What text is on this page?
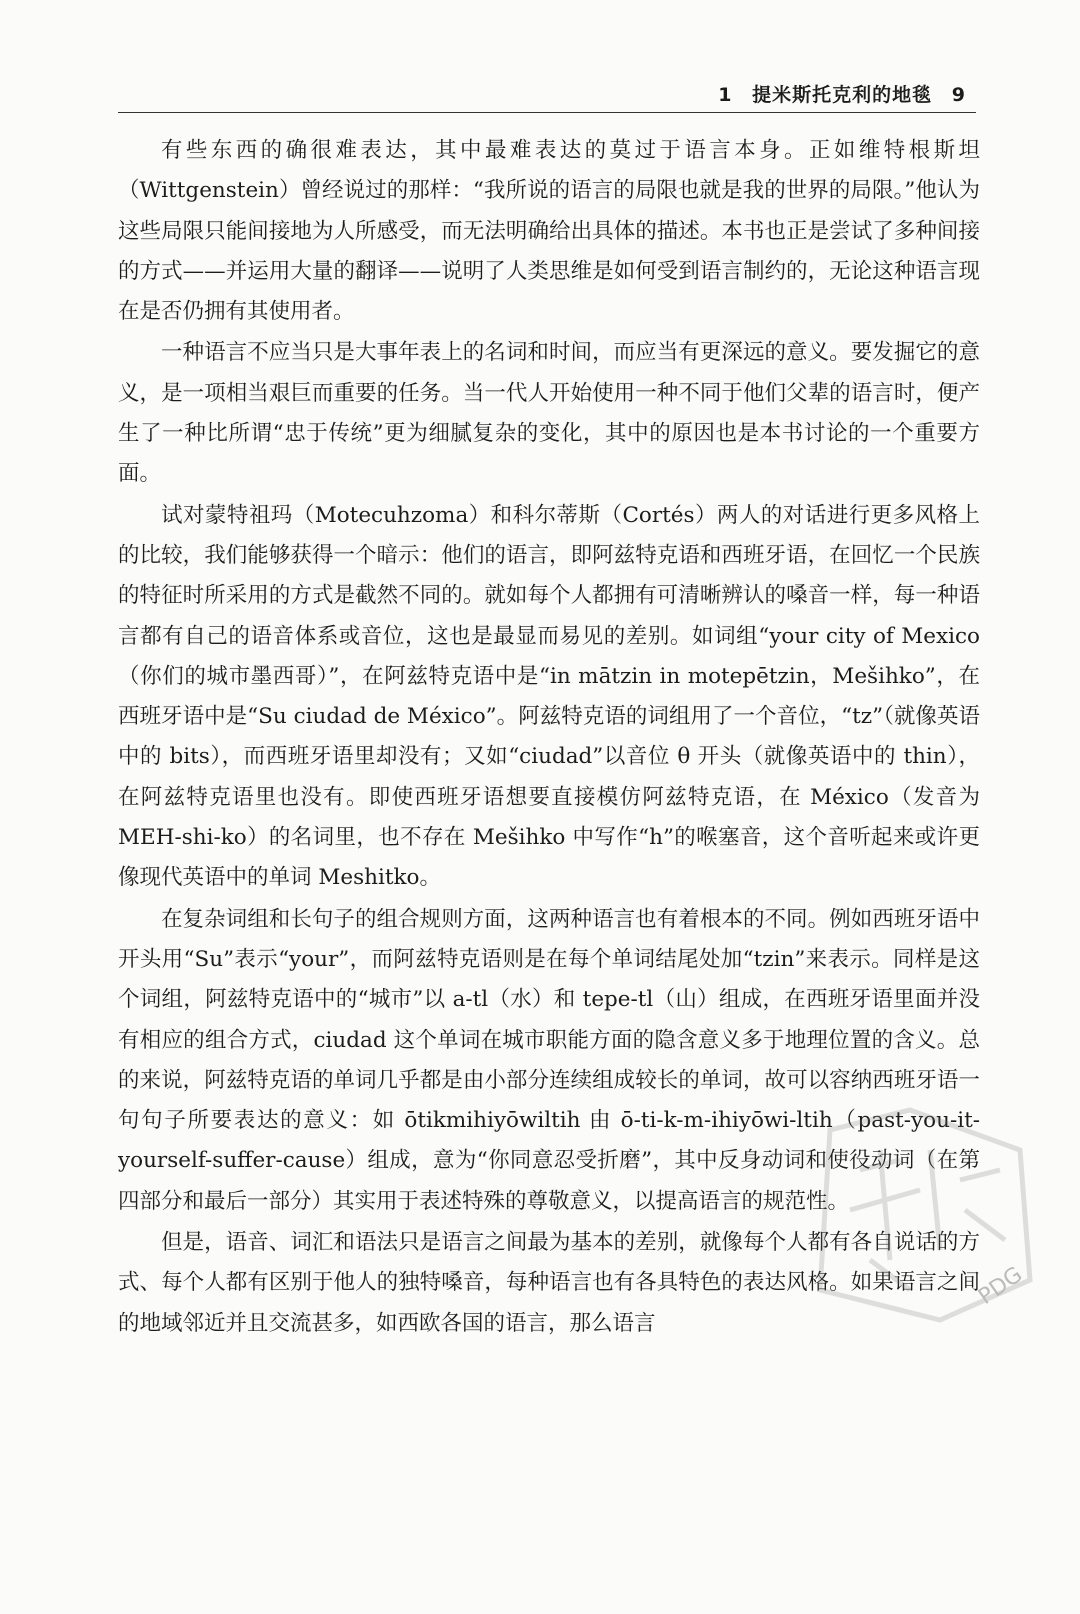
1 提米斯托克利的地毯 9

有些东西的确很难表达，其中最难表达的莫过于语言本身。正如维特根斯坦（Wittgenstein）曾经说过的那样：“我所说的语言的局限也就是我的世界的局限。”他认为这些局限只能间接地为人所感受，而无法明确给出具体的描述。本书也正是尝试了多种间接的方式——并运用大量的翻译——说明了人类思维是如何受到语言制约的，无论这种语言现在是否仍拥有其使用者。

一种语言不应当只是大事年表上的名词和时间，而应当有更深远的意义。要发掘它的意义，是一项相当艰巨而重要的任务。当一代人开始使用一种不同于他们父辈的语言时，便产生了一种比所谓“忠于传统”更为细腻复杂的变化，其中的原因也是本书讨论的一个重要方面。

试对蒙特祖玛（Motecuhzoma）和科尔蒂斯（Cortés）两人的对话进行更多风格上的比较，我们能够获得一个暗示：他们的语言，即阿兹特克语和西班牙语，在回忆一个民族的特征时所采用的方式是截然不同的。就如每个人都拥有可清晰辨认的嗓音一样，每一种语言都有自己的语音体系或音位，这也是最显而易见的差别。如词组“your city of Mexico（你们的城市墨西哥）”，在阿兹特克语中是“in mātzin in motepētzin，Mešihko”，在西班牙语中是“Su ciudad de México”。阿兹特克语的词组用了一个音位，“tz”（就像英语中的 bits），而西班牙语里却没有；又如“ciudad”以音位 θ 开头（就像英语中的 thin），在阿兹特克语里也没有。即使西班牙语想要直接模仿阿兹特克语，在 México（发音为 MEH-shi-ko）的名词里，也不存在 Mešihko 中写作“h”的喉塞音，这个音听起来或许更像现代英语中的单词 Meshitko。

在复杂词组和长句子的组合规则方面，这两种语言也有着根本的不同。例如西班牙语中开头用“Su”表示“your”，而阿兹特克语则是在每个单词结尾处加“tzin”来表示。同样是这个词组，阿兹特克语中的“城市”以 a-tl（水）和 tepe-tl（山）组成，在西班牙语里面并没有相应的组合方式，ciudad 这个单词在城市职能方面的隐含意义多于地理位置的含义。总的来说，阿兹特克语的单词几乎都是由小部分连续组成较长的单词，故可以容纳西班牙语一句句子所要表达的意义：如 ōtikmihiyōwiltih 由 ō-ti-k-m-ihiyōwi-ltih（past-you-it-yourself-suffer-cause）组成，意为“你同意忍受折磨”，其中反身动词和使役动词（在第四部分和最后一部分）其实用于表述特殊的尊敬意义，以提高语言的规范性。

但是，语音、词汇和语法只是语言之间最为基本的差别，就像每个人都有各自说话的方式、每个人都有区别于他人的独特嗓音，每种语言也有各具特色的表达风格。如果语言之间的地域邻近并且交流甚多，如西欧各国的语言，那么语言

PDG
